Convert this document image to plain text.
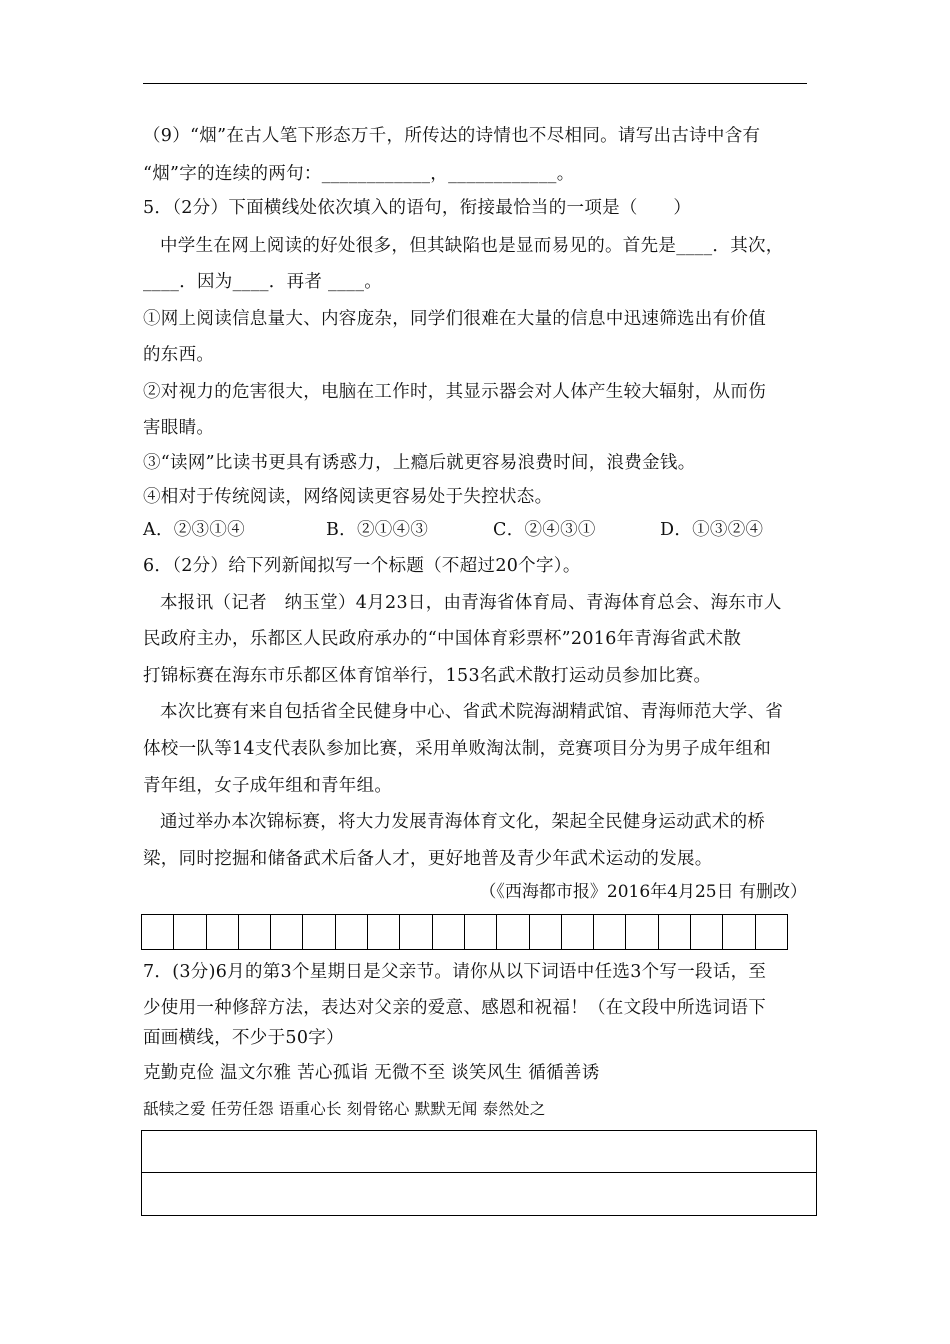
（9）“烟”在古人笔下形态万千，所传达的诗情也不尽相同。请写出古诗中含有
“烟”字的连续的两句：____________，____________。
5．（2分）下面横线处依次填入的语句，衔接最恰当的一项是（　　）
中学生在网上阅读的好处很多，但其缺陷也是显而易见的。首先是____．其次，
____．因为____．再者 ____。
①网上阅读信息量大、内容庞杂，同学们很难在大量的信息中迅速筛选出有价值
的东西。
②对视力的危害很大，电脑在工作时，其显示器会对人体产生较大辐射，从而伤
害眼睛。
③“读网”比读书更具有诱惑力，上瘾后就更容易浪费时间，浪费金钱。
④相对于传统阅读，网络阅读更容易处于失控状态。
A．②③①④	B．②①④③	C．②④③①	D．①③②④
6．（2分）给下列新闻拟写一个标题（不超过20个字）。
本报讯（记者　纳玉堂）4月23日，由青海省体育局、青海体育总会、海东市人
民政府主办，乐都区人民政府承办的“中国体育彩票杯”2016年青海省武术散
打锦标赛在海东市乐都区体育馆举行，153名武术散打运动员参加比赛。
本次比赛有来自包括省全民健身中心、省武术院海湖精武馆、青海师范大学、省
体校一队等14支代表队参加比赛，采用单败淘汰制，竞赛项目分为男子成年组和
青年组，女子成年组和青年组。
通过举办本次锦标赛，将大力发展青海体育文化，架起全民健身运动武术的桥
梁，同时挖掘和储备武术后备人才，更好地普及青少年武术运动的发展。
（《西海都市报》2016年4月25日 有删改）
7．(3分)6月的第3个星期日是父亲节。请你从以下词语中任选3个写一段话，至
少使用一种修辞方法，表达对父亲的爱意、感恩和祝福！（在文段中所选词语下
面画横线，不少于50字）
克勤克俭 温文尔雅 苦心孤诣 无微不至 谈笑风生 循循善诱
舐犊之爱 任劳任怨 语重心长 刻骨铭心 默默无闻 泰然处之
